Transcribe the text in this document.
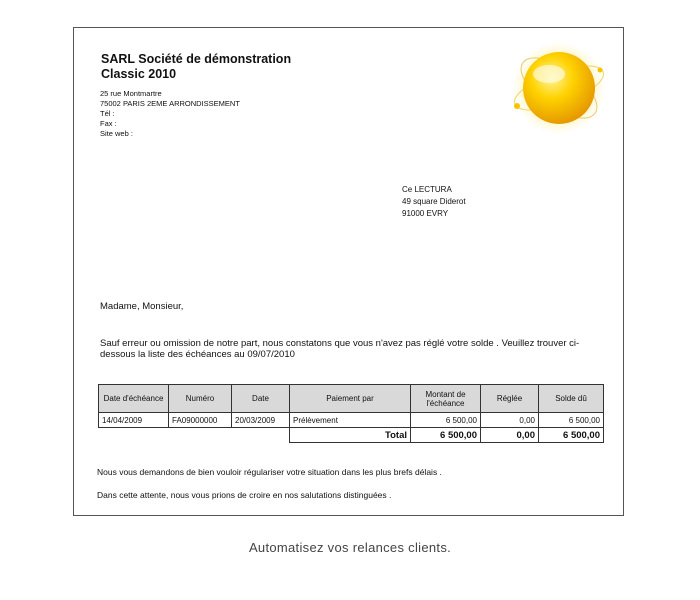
SARL Société de démonstration
Classic 2010
25 rue Montmartre
75002 PARIS 2EME ARRONDISSEMENT
Tél :
Fax :
Site web :
Ce LECTURA
49 square Diderot
91000 EVRY
Madame, Monsieur,
Sauf erreur ou omission de notre part, nous constatons que vous n'avez pas réglé votre solde . Veuillez trouver ci-dessous la liste des échéances au 09/07/2010
Date d'échéance	Numéro	Date	Paiement par	Montant de l'échéance	Réglée	Solde dû
14/04/2009	FA09000000	20/03/2009	Prélèvement	6 500,00	0,00	6 500,00
			Total	6 500,00	0,00	6 500,00
Nous vous demandons de bien vouloir régulariser votre situation dans les plus brefs délais .
Dans cette attente, nous vous prions de croire en nos salutations distinguées .
Automatisez vos relances clients.
